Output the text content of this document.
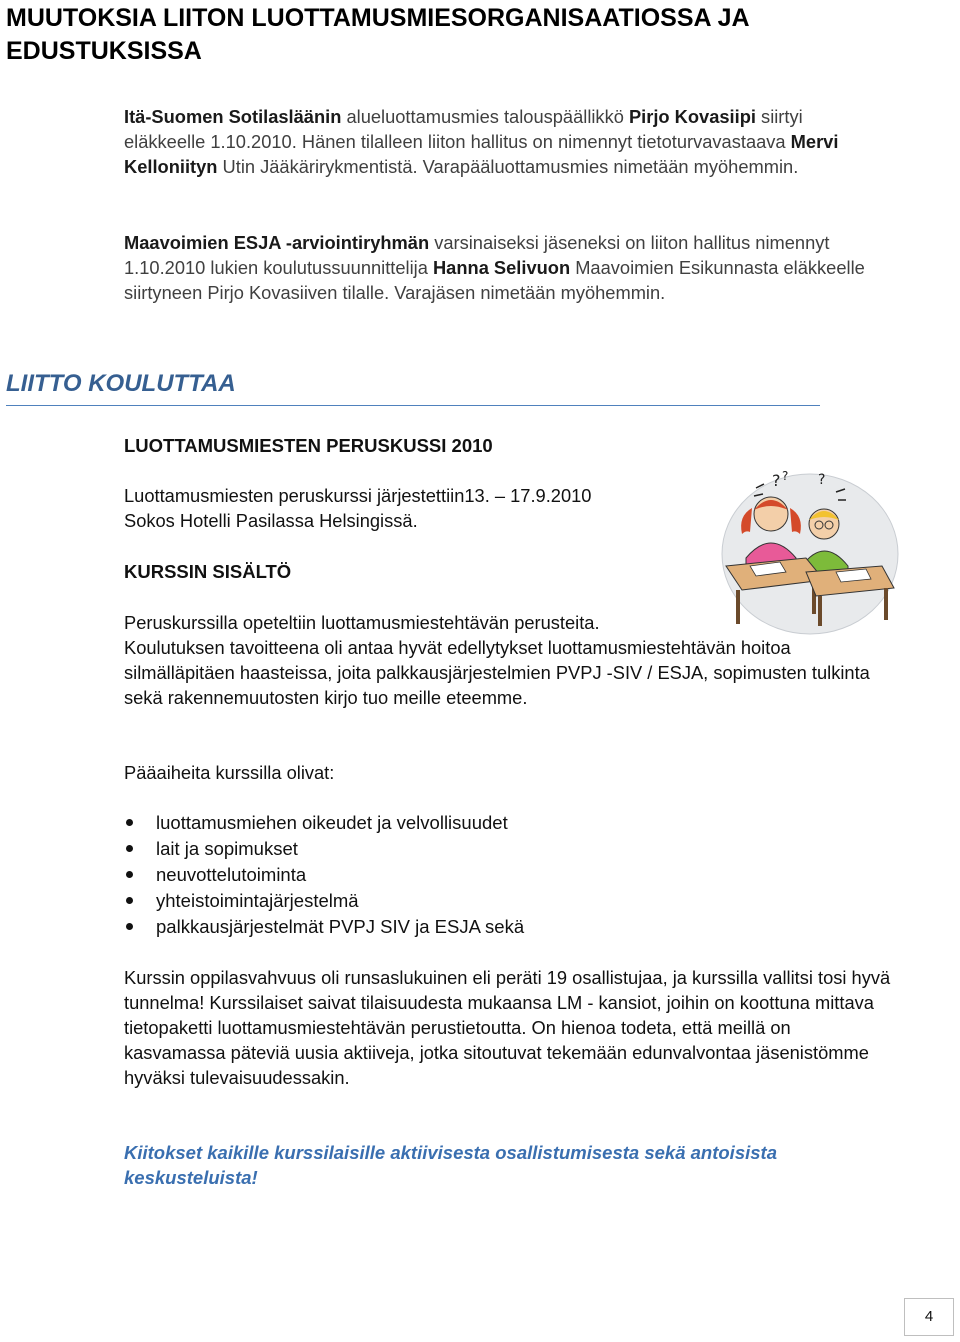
MUUTOKSIA LIITON LUOTTAMUSMIESORGANISAATIOSSA JA EDUSTUKSISSA

Itä-Suomen Sotilasläänin alueluottamusmies talouspäällikkö Pirjo Kovasiipi siirtyi eläkkeelle 1.10.2010. Hänen tilalleen liiton hallitus on nimennyt tietoturvavastaava Mervi Kelloniityn Utin Jääkärirykmentistä. Varapääluottamusmies nimetään myöhemmin.

Maavoimien ESJA -arviointiryhmän varsinaiseksi jäseneksi on liiton hallitus nimennyt 1.10.2010 lukien koulutussuunnittelija Hanna Selivuon Maavoimien Esikunnasta eläkkeelle siirtyneen Pirjo Kovasiiven tilalle. Varajäsen nimetään myöhemmin.

LIITTO KOULUTTAA
LUOTTAMUSMIESTEN PERUSKUSSI 2010

Luottamusmiesten peruskurssi järjestettiin13. – 17.9.2010
Sokos Hotelli Pasilassa Helsingissä.

KURSSIN SISÄLTÖ

Peruskurssilla opeteltiin luottamusmiestehtävän perusteita.

Koulutuksen tavoitteena oli antaa hyvät edellytykset luottamusmiestehtävän hoitoa silmälläpitäen haasteissa, joita palkkausjärjestelmien PVPJ -SIV / ESJA, sopimusten tulkinta sekä rakennemuutosten kirjo tuo meille eteemme.

Pääaiheita kurssilla olivat:

luottamusmiehen oikeudet ja velvollisuudet
lait ja sopimukset
neuvottelutoiminta
yhteistoimintajärjestelmä
palkkausjärjestelmät PVPJ SIV ja ESJA sekä

Kurssin oppilasvahvuus oli runsaslukuinen eli peräti 19 osallistujaa, ja kurssilla vallitsi tosi hyvä tunnelma! Kurssilaiset saivat tilaisuudesta mukaansa LM - kansiot, joihin on koottuna mittava tietopaketti luottamusmiestehtävän perustietoutta. On hienoa todeta, että meillä on kasvamassa päteviä uusia aktiiveja, jotka sitoutuvat tekemään edunvalvontaa jäsenistömme hyväksi tulevaisuudessakin.

Kiitokset kaikille kurssilaisille aktiivisesta osallistumisesta sekä antoisista keskusteluista!

? ? ?
4
